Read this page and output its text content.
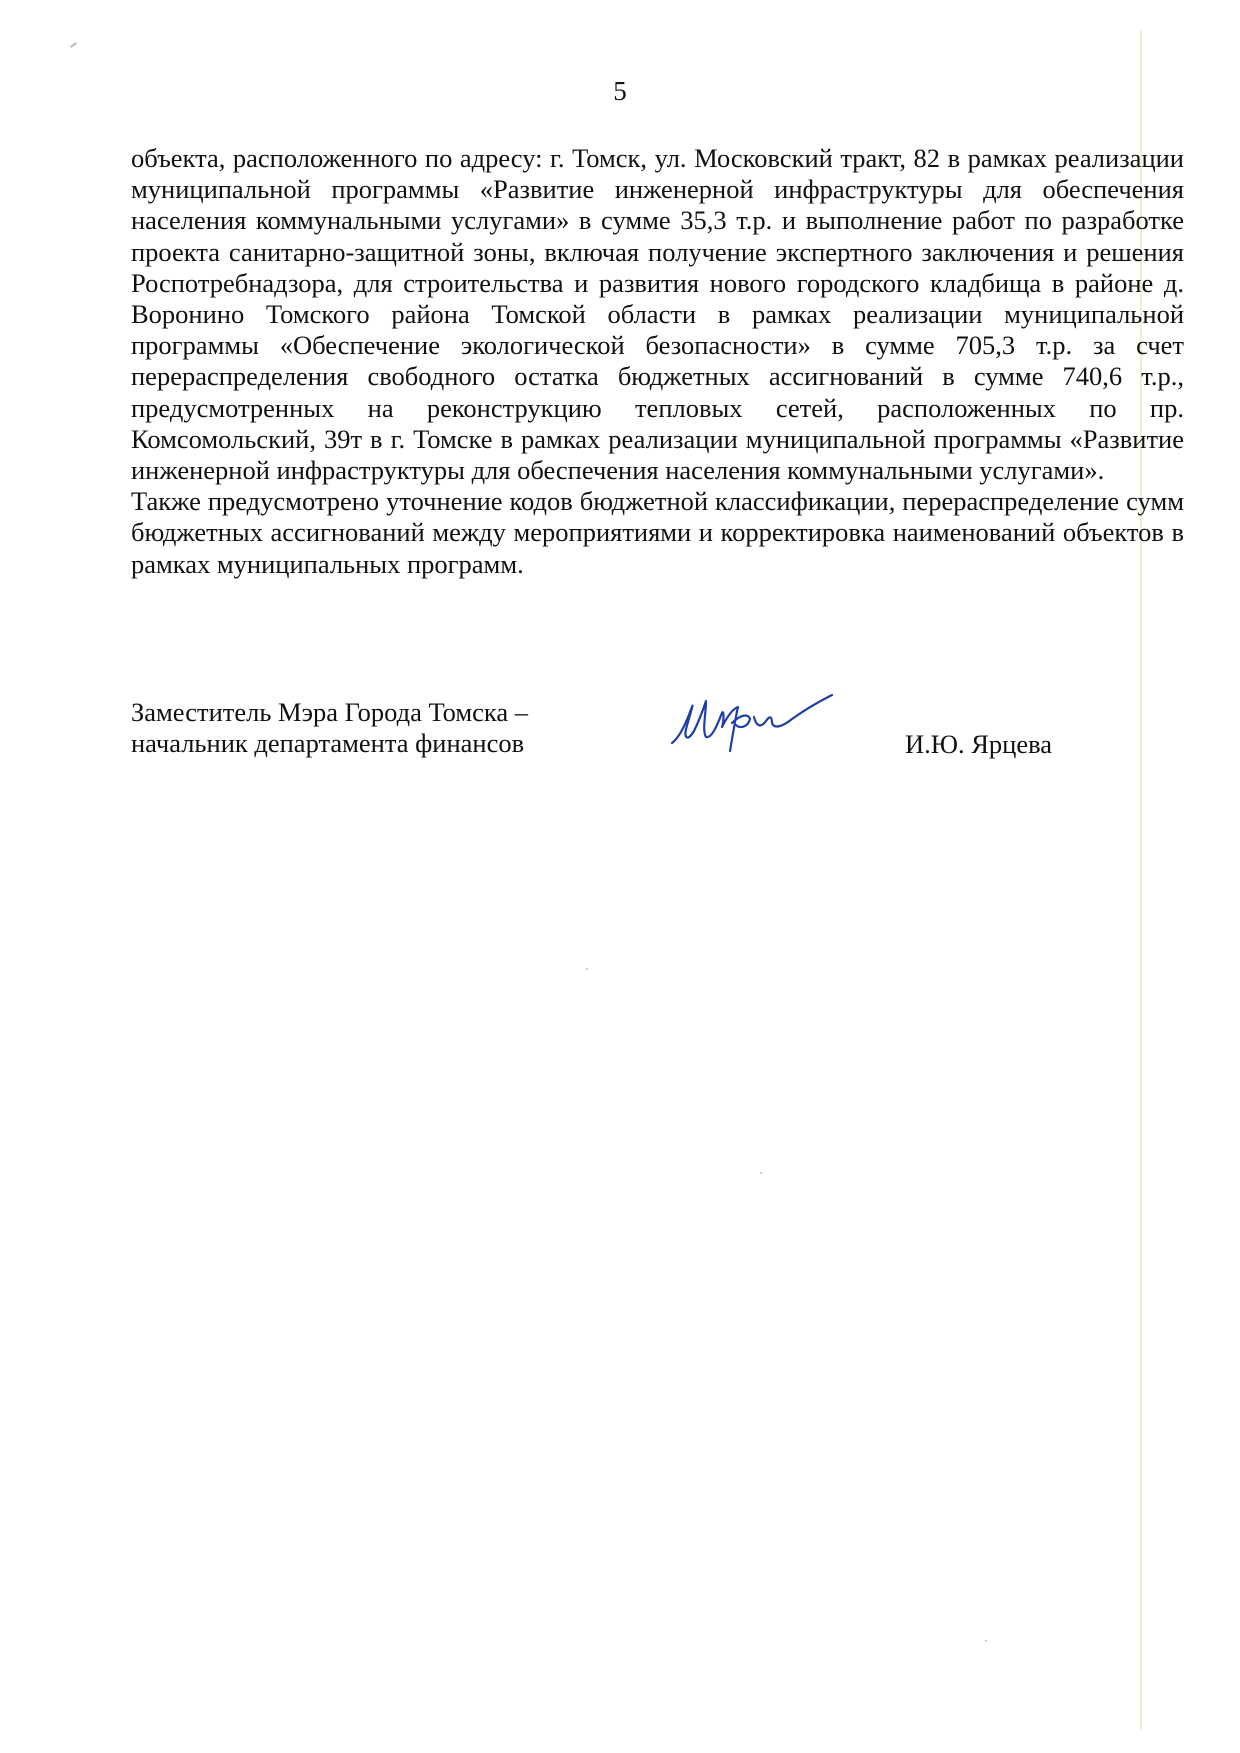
5

объекта, расположенного по адресу: г. Томск, ул. Московский тракт, 82 в рамках реализации муниципальной программы «Развитие инженерной инфраструктуры для обеспечения населения коммунальными услугами» в сумме 35,3 т.р. и выполнение работ по разработке проекта санитарно-защитной зоны, включая получение экспертного заключения и решения Роспотребнадзора, для строительства и развития нового городского кладбища в районе д. Воронино Томского района Томской области в рамках реализации муниципальной программы «Обеспечение экологической безопасности» в сумме 705,3 т.р. за счет перераспределения свободного остатка бюджетных ассигнований в сумме 740,6 т.р., предусмотренных на реконструкцию тепловых сетей, расположенных по пр. Комсомольский, 39т в г. Томске в рамках реализации муниципальной программы «Развитие инженерной инфраструктуры для обеспечения населения коммунальными услугами».

Также предусмотрено уточнение кодов бюджетной классификации, перераспределение сумм бюджетных ассигнований между мероприятиями и корректировка наименований объектов в рамках муниципальных программ.

Заместитель Мэра Города Томска –
начальник департамента финансов	И.Ю. Ярцева
